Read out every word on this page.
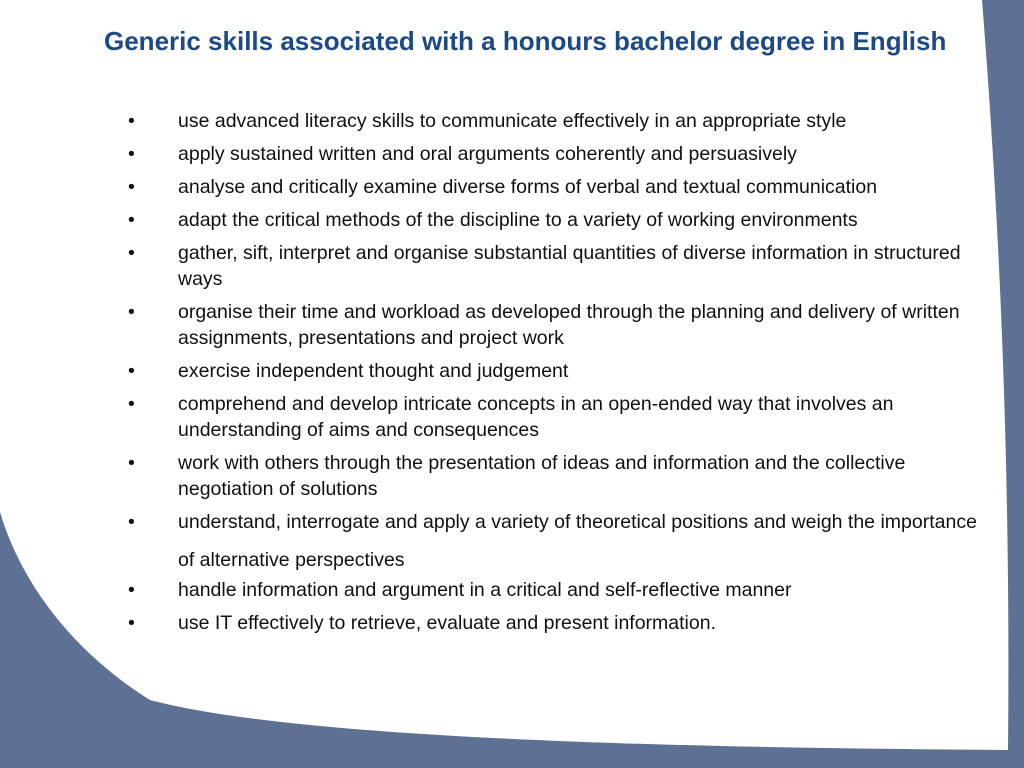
Generic skills associated with a honours bachelor degree in English
• use advanced literacy skills to communicate effectively in an appropriate style
• apply sustained written and oral arguments coherently and persuasively
• analyse and critically examine diverse forms of verbal and textual communication
• adapt the critical methods of the discipline to a variety of working environments
• gather, sift, interpret and organise substantial quantities of diverse information in structured ways
• organise their time and workload as developed through the planning and delivery of written assignments, presentations and project work
• exercise independent thought and judgement
• comprehend and develop intricate concepts in an open-ended way that involves an understanding of aims and consequences
• work with others through the presentation of ideas and information and the collective negotiation of solutions
• understand, interrogate and apply a variety of theoretical positions and weigh the importance of alternative perspectives
• handle information and argument in a critical and self-reflective manner
• use IT effectively to retrieve, evaluate and present information.
